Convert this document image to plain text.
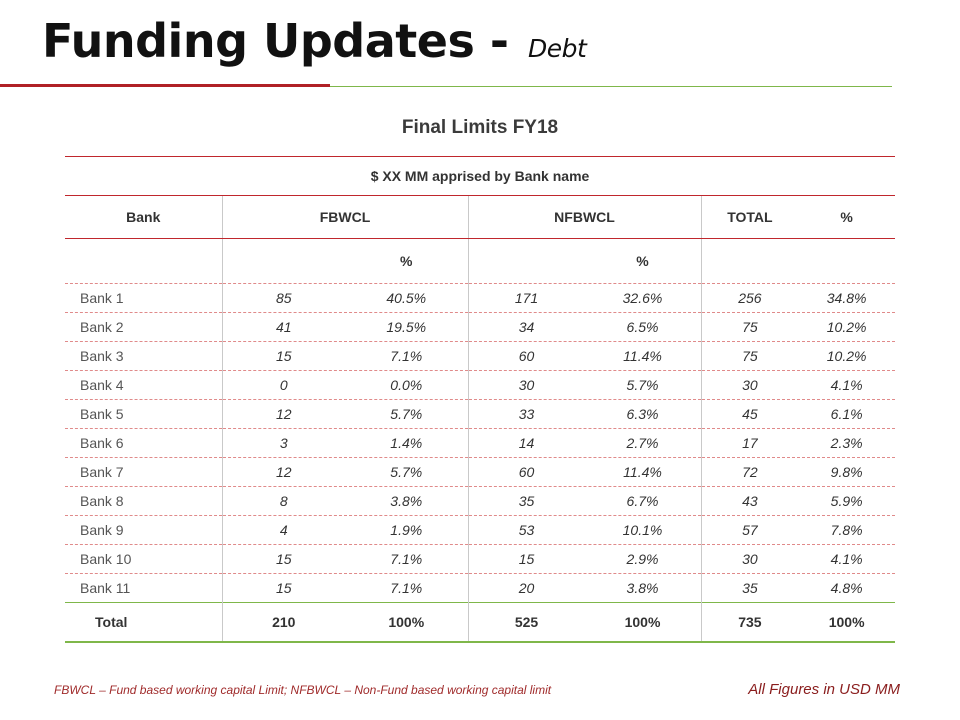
Funding Updates - Debt
Final Limits FY18
$ XX MM apprised by Bank name			
Bank	FBWCL	NFBWCL	TOTAL %

	%	%	

Bank 1	85 40.5%	171 32.6%	256 34.8%

Bank 2	41 19.5%	34 6.5%	75 10.2%

Bank 3	15 7.1%	60 11.4%	75 10.2%

Bank 4	0 0.0%	30 5.7%	30 4.1%

Bank 5	12 5.7%	33 6.3%	45 6.1%

Bank 6	3 1.4%	14 2.7%	17 2.3%

Bank 7	12 5.7%	60 11.4%	72 9.8%

Bank 8	8 3.8%	35 6.7%	43 5.9%

Bank 9	4 1.9%	53 10.1%	57 7.8%

Bank 10	15 7.1%	15 2.9%	30 4.1%

Bank 11	15 7.1%	20 3.8%	35 4.8%

Total	210 100%	525 100%	735 100%
FBWCL – Fund based working capital Limit; NFBWCL – Non-Fund based working capital limit	All Figures in USD MM
